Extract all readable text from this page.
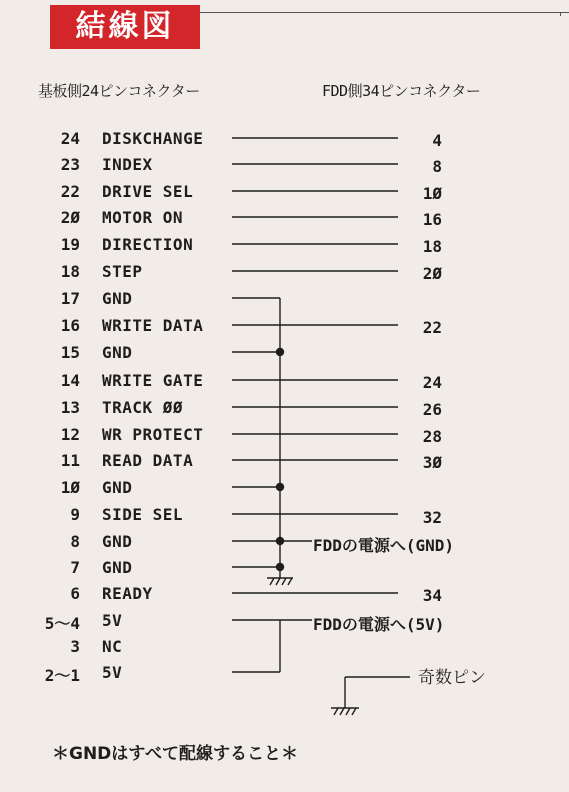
結線図
基板側24ピンコネクター	FDD側34ピンコネクター
24 DISKCHANGE	4
23 INDEX	8
22 DRIVE SEL	1Ø
2Ø MOTOR ON	16
19 DIRECTION	18
18 STEP	2Ø
17 GND
16 WRITE DATA	22
15 GND
14 WRITE GATE	24
13 TRACK ØØ	26
12 WR PROTECT	28
11 READ DATA	3Ø
1Ø GND
9 SIDE SEL	32
8 GND
7 GND
6 READY	34
5〜4 5V
3 NC
2〜1 5V
FDDの電源へ(GND)
FDDの電源へ(5V)
奇数ピン
＊GNDはすべて配線すること＊
